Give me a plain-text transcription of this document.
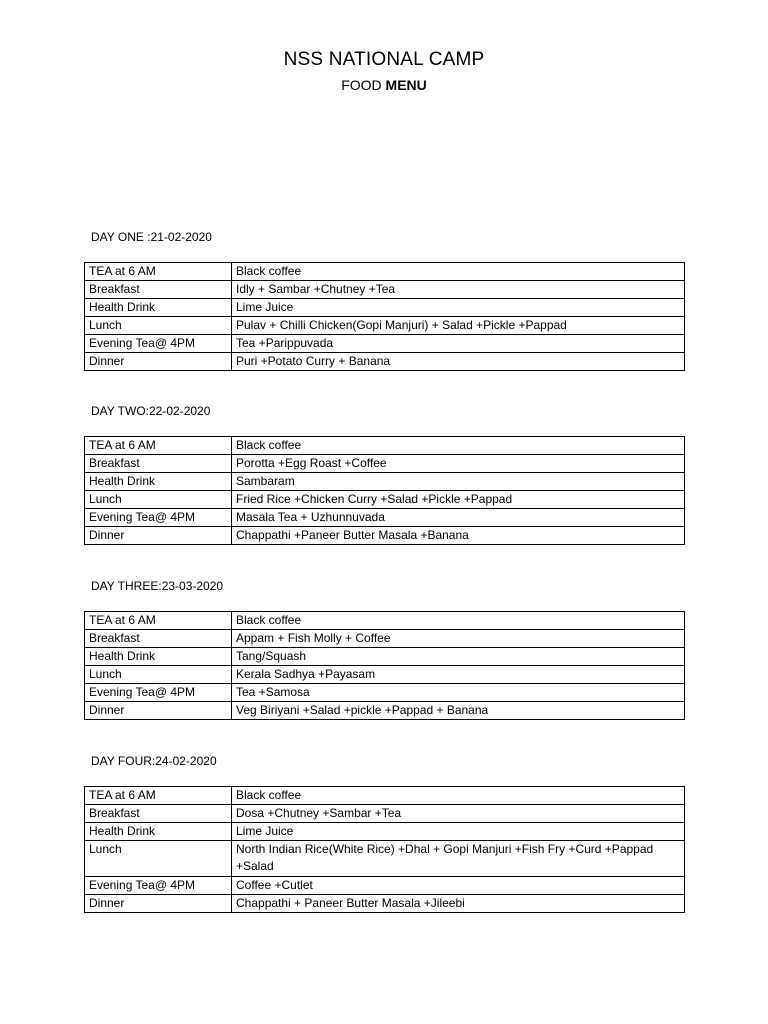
NSS NATIONAL CAMP
FOOD MENU
DAY ONE :21-02-2020
TEA at 6 AM	Black coffee
Breakfast	Idly + Sambar +Chutney +Tea
Health Drink	Lime Juice
Lunch	Pulav + Chilli Chicken(Gopi Manjuri) + Salad +Pickle +Pappad
Evening Tea@ 4PM	Tea +Parippuvada
Dinner	Puri +Potato Curry + Banana
DAY TWO:22-02-2020
TEA at 6 AM	Black coffee
Breakfast	Porotta +Egg Roast +Coffee
Health Drink	Sambaram
Lunch	Fried Rice +Chicken Curry +Salad +Pickle +Pappad
Evening Tea@ 4PM	Masala Tea + Uzhunnuvada
Dinner	Chappathi +Paneer Butter Masala +Banana
DAY THREE:23-03-2020
TEA at 6 AM	Black coffee
Breakfast	Appam + Fish Molly + Coffee
Health Drink	Tang/Squash
Lunch	Kerala Sadhya +Payasam
Evening Tea@ 4PM	Tea +Samosa
Dinner	Veg Biriyani +Salad +pickle +Pappad + Banana
DAY FOUR:24-02-2020
TEA at 6 AM	Black coffee
Breakfast	Dosa +Chutney +Sambar +Tea
Health Drink	Lime Juice
Lunch	North Indian Rice(White Rice) +Dhal + Gopi Manjuri +Fish Fry +Curd +Pappad +Salad
Evening Tea@ 4PM	Coffee +Cutlet
Dinner	Chappathi + Paneer Butter Masala +Jileebi
